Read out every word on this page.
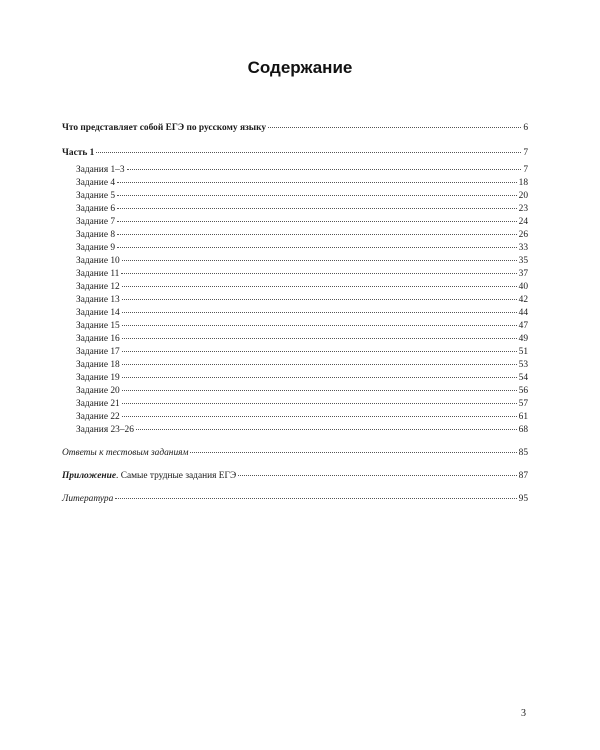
Содержание
Что представляет собой ЕГЭ по русскому языку	6
Часть 1	7
Задания 1–3	7
Задание 4	18
Задание 5	20
Задание 6	23
Задание 7	24
Задание 8	26
Задание 9	33
Задание 10	35
Задание 11	37
Задание 12	40
Задание 13	42
Задание 14	44
Задание 15	47
Задание 16	49
Задание 17	51
Задание 18	53
Задание 19	54
Задание 20	56
Задание 21	57
Задание 22	61
Задания 23–26	68
Ответы к тестовым заданиям	85
Приложение. Самые трудные задания ЕГЭ	87
Литература	95
3
